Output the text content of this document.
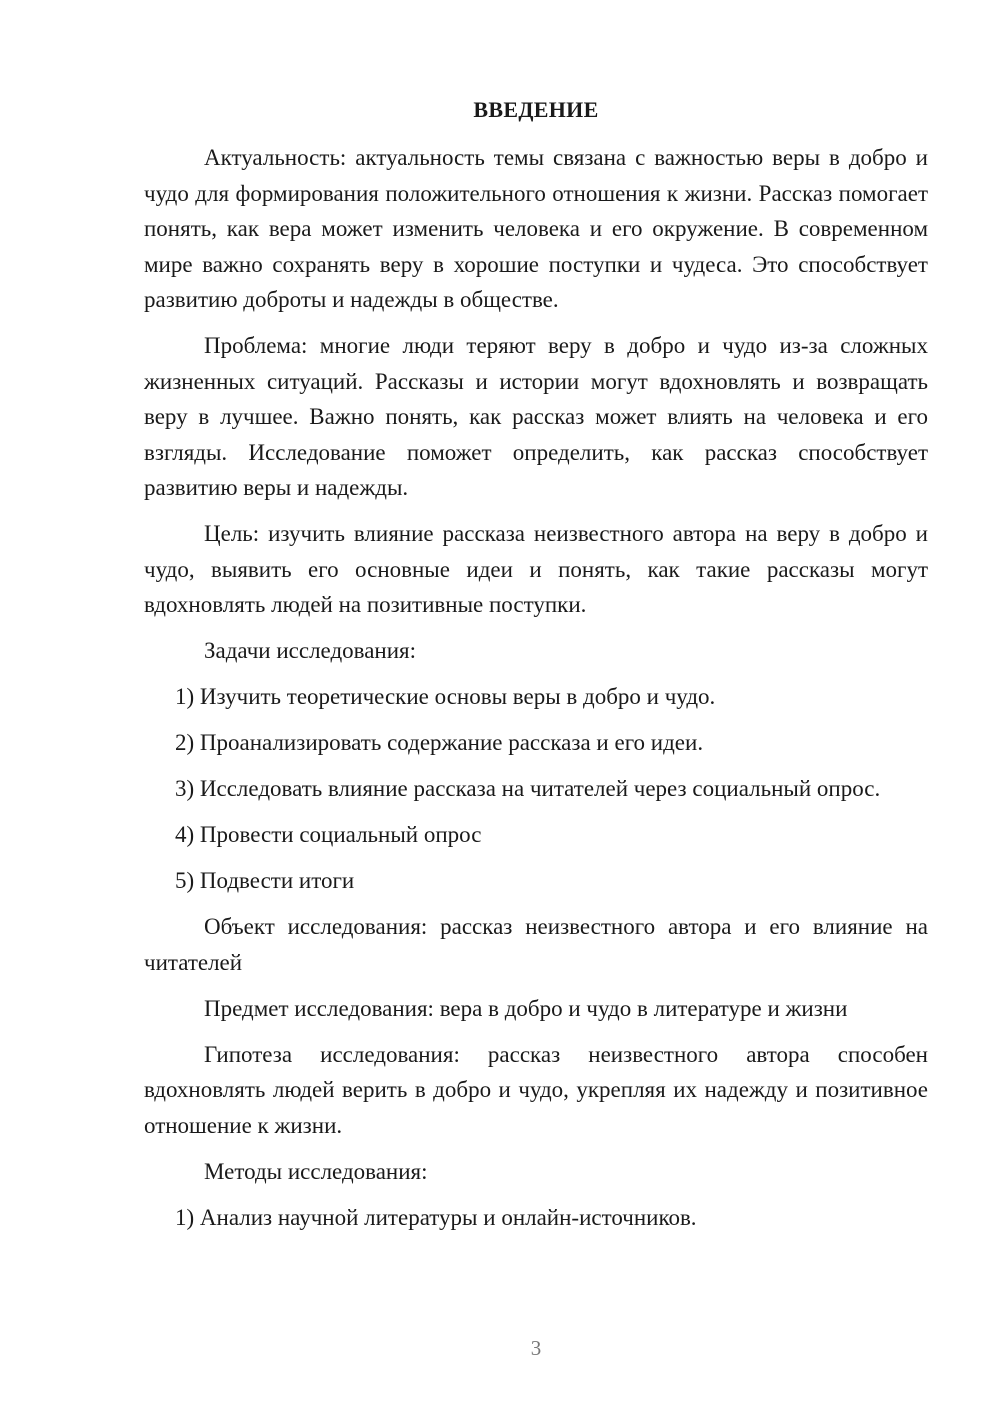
ВВЕДЕНИЕ

Актуальность: актуальность темы связана с важностью веры в добро и чудо для формирования положительного отношения к жизни. Рассказ помогает понять, как вера может изменить человека и его окружение. В современном мире важно сохранять веру в хорошие поступки и чудеса. Это способствует развитию доброты и надежды в обществе.

Проблема: многие люди теряют веру в добро и чудо из-за сложных жизненных ситуаций. Рассказы и истории могут вдохновлять и возвращать веру в лучшее. Важно понять, как рассказ может влиять на человека и его взгляды. Исследование поможет определить, как рассказ способствует развитию веры и надежды.

Цель: изучить влияние рассказа неизвестного автора на веру в добро и чудо, выявить его основные идеи и понять, как такие рассказы могут вдохновлять людей на позитивные поступки.

Задачи исследования:

1) Изучить теоретические основы веры в добро и чудо.

2) Проанализировать содержание рассказа и его идеи.

3) Исследовать влияние рассказа на читателей через социальный опрос.

4) Провести социальный опрос

5) Подвести итоги

Объект исследования: рассказ неизвестного автора и его влияние на читателей

Предмет исследования: вера в добро и чудо в литературе и жизни

Гипотеза исследования: рассказ неизвестного автора способен вдохновлять людей верить в добро и чудо, укрепляя их надежду и позитивное отношение к жизни.

Методы исследования:

1) Анализ научной литературы и онлайн-источников.

3
